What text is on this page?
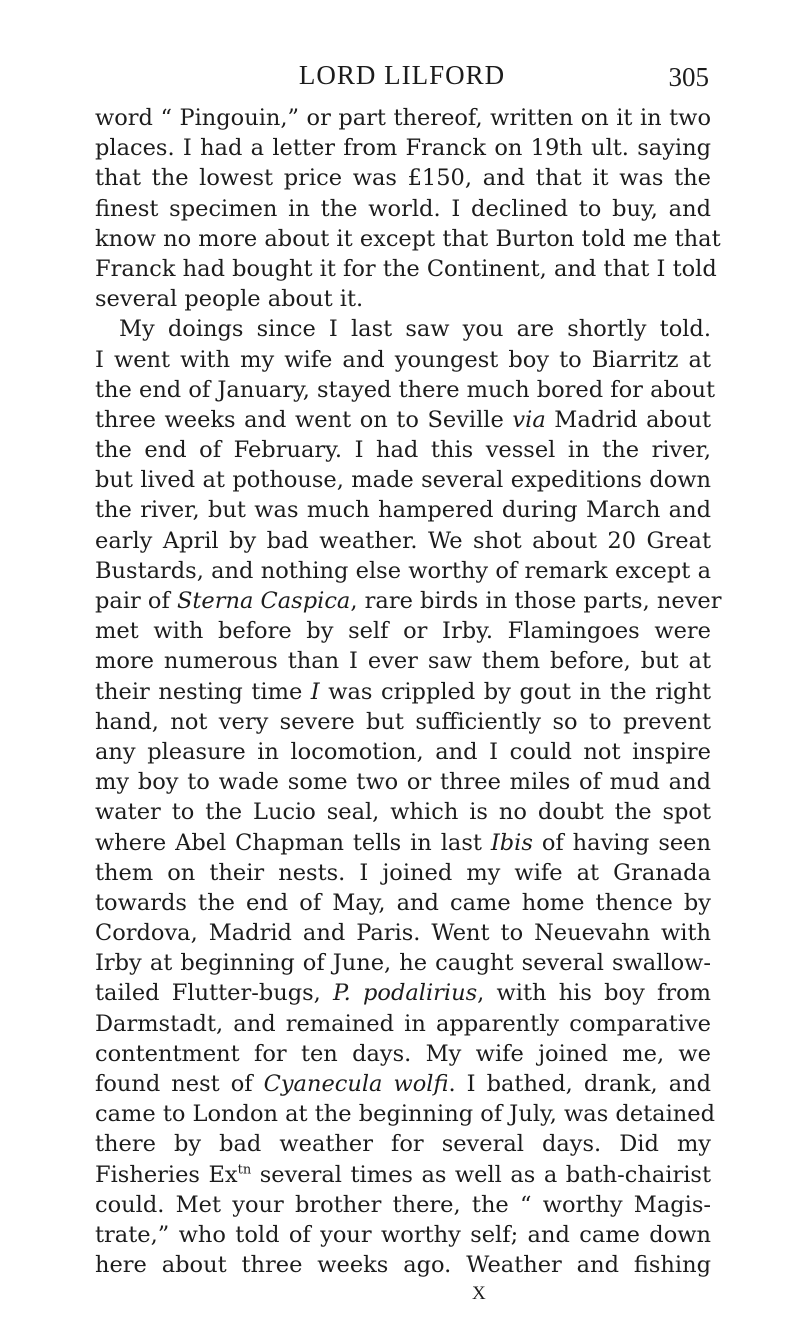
LORD LILFORD	305
word “ Pingouin,” or part thereof, written on it in two
places. I had a letter from Franck on 19th ult. saying
that the lowest price was £150, and that it was the
finest specimen in the world. I declined to buy, and
know no more about it except that Burton told me that
Franck had bought it for the Continent, and that I told
several people about it.
My doings since I last saw you are shortly told.
I went with my wife and youngest boy to Biarritz at
the end of January, stayed there much bored for about
three weeks and went on to Seville via Madrid about
the end of February. I had this vessel in the river,
but lived at pothouse, made several expeditions down
the river, but was much hampered during March and
early April by bad weather. We shot about 20 Great
Bustards, and nothing else worthy of remark except a
pair of Sterna Caspica, rare birds in those parts, never
met with before by self or Irby. Flamingoes were
more numerous than I ever saw them before, but at
their nesting time I was crippled by gout in the right
hand, not very severe but sufficiently so to prevent
any pleasure in locomotion, and I could not inspire
my boy to wade some two or three miles of mud and
water to the Lucio seal, which is no doubt the spot
where Abel Chapman tells in last Ibis of having seen
them on their nests. I joined my wife at Granada
towards the end of May, and came home thence by
Cordova, Madrid and Paris. Went to Neuevahn with
Irby at beginning of June, he caught several swallow-
tailed Flutter-bugs, P. podalirius, with his boy from
Darmstadt, and remained in apparently comparative
contentment for ten days. My wife joined me, we
found nest of Cyanecula wolfi. I bathed, drank, and
came to London at the beginning of July, was detained
there by bad weather for several days. Did my
Fisheries $Ex^{tn}$ several times as well as a bath-chairist
could. Met your brother there, the “ worthy Magis-
trate,” who told of your worthy self; and came down
here about three weeks ago. Weather and fishing
X
